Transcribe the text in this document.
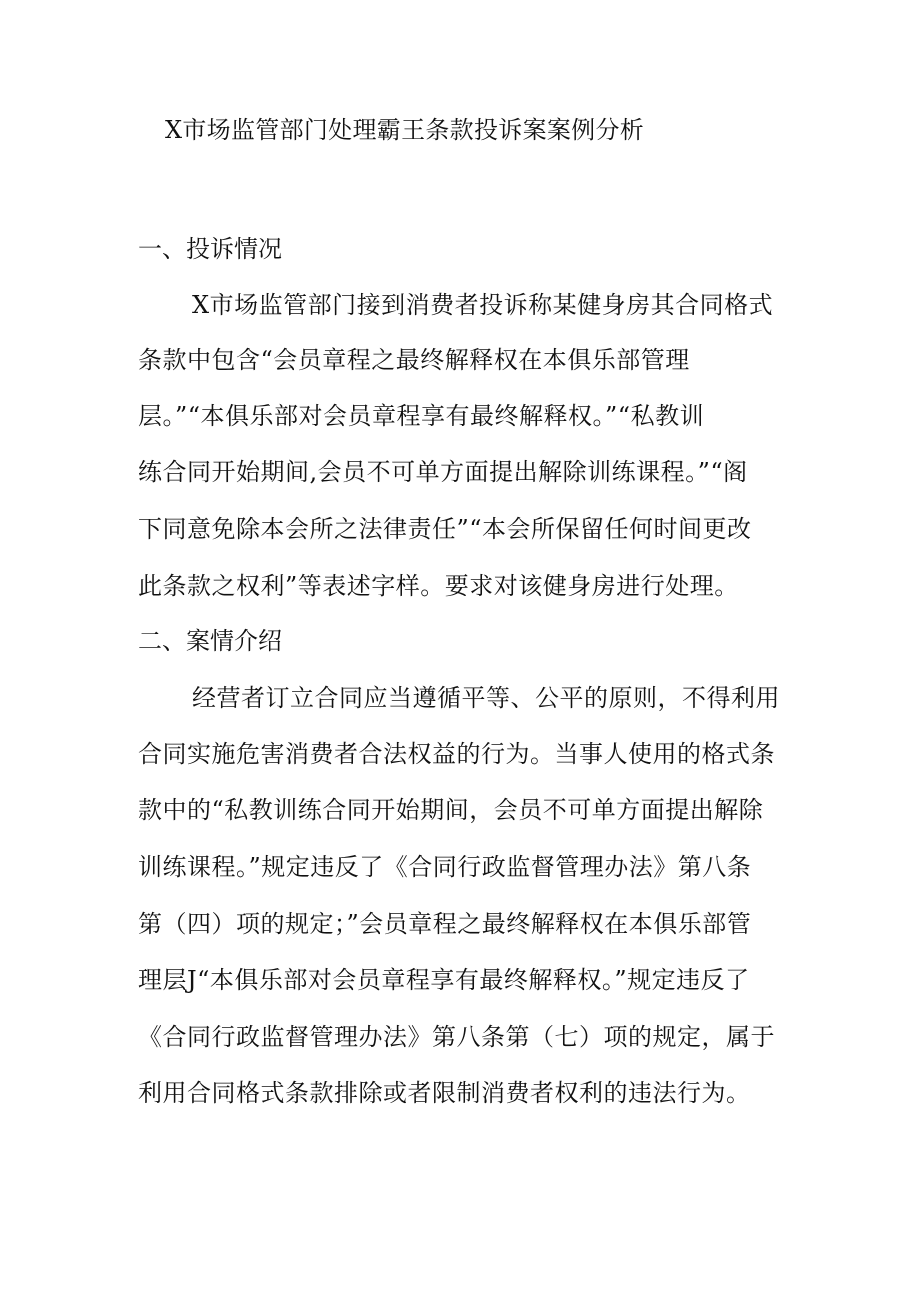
X市场监管部门处理霸王条款投诉案案例分析
一、投诉情况

X市场监管部门接到消费者投诉称某健身房其合同格式

条款中包含“会员章程之最终解释权在本俱乐部管理

层。”“本俱乐部对会员章程享有最终解释权。”“私教训

练合同开始期间,会员不可单方面提出解除训练课程。”“阁

下同意免除本会所之法律责任”“本会所保留任何时间更改

此条款之权利”等表述字样。要求对该健身房进行处理。

二、案情介绍

经营者订立合同应当遵循平等、公平的原则，不得利用

合同实施危害消费者合法权益的行为。当事人使用的格式条

款中的“私教训练合同开始期间，会员不可单方面提出解除

训练课程。”规定违反了《合同行政监督管理办法》第八条

第（四）项的规定；”会员章程之最终解释权在本俱乐部管

理层J“本俱乐部对会员章程享有最终解释权。”规定违反了

《合同行政监督管理办法》第八条第（七）项的规定，属于

利用合同格式条款排除或者限制消费者权利的违法行为。
